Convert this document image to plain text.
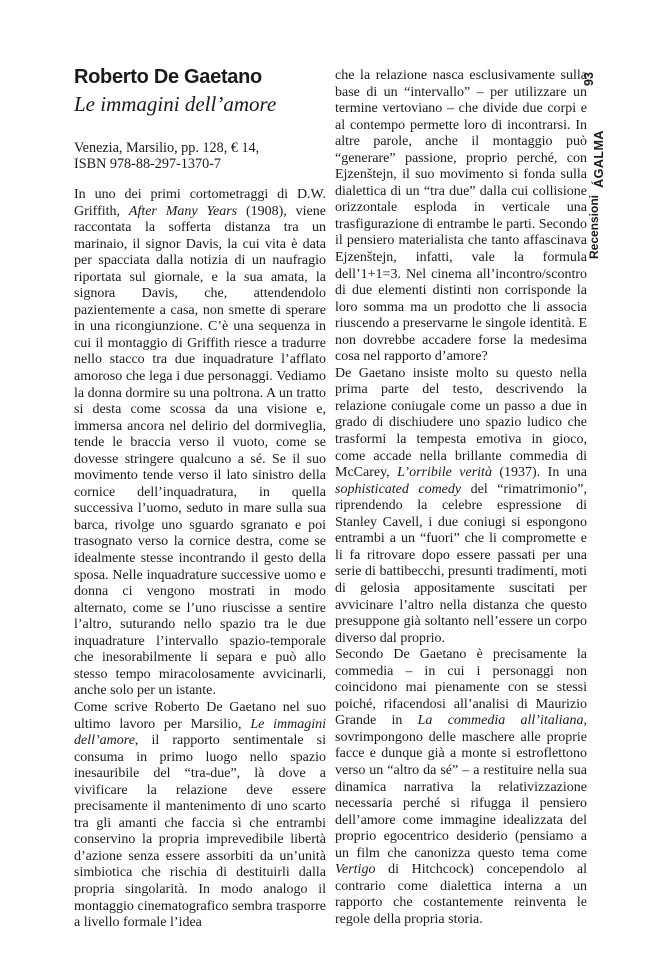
Roberto De Gaetano
Le immagini dell’amore
Venezia, Marsilio, pp. 128, € 14,
ISBN 978-88-297-1370-7

In uno dei primi cortometraggi di D.W. Griffith, After Many Years (1908), viene raccontata la sofferta distanza tra un marinaio, il signor Davis, la cui vita è data per spacciata dalla notizia di un naufragio riportata sul giornale, e la sua amata, la signora Davis, che, attendendolo pazientemente a casa, non smette di sperare in una ricongiunzione. C’è una sequenza in cui il montaggio di Griffith riesce a tradurre nello stacco tra due inquadrature l’afflato amoroso che lega i due personaggi. Vediamo la donna dormire su una poltrona. A un tratto si desta come scossa da una visione e, immersa ancora nel delirio del dormiveglia, tende le braccia verso il vuoto, come se dovesse stringere qualcuno a sé. Se il suo movimento tende verso il lato sinistro della cornice dell’inquadratura, in quella successiva l’uomo, seduto in mare sulla sua barca, rivolge uno sguardo sgranato e poi trasognato verso la cornice destra, come se idealmente stesse incontrando il gesto della sposa. Nelle inquadrature successive uomo e donna ci vengono mostrati in modo alternato, come se l’uno riuscisse a sentire l’altro, suturando nello spazio tra le due inquadrature l’intervallo spazio-temporale che inesorabilmente li separa e può allo stesso tempo miracolosamente avvicinarli, anche solo per un istante.

Come scrive Roberto De Gaetano nel suo ultimo lavoro per Marsilio, Le immagini dell’amore, il rapporto sentimentale si consuma in primo luogo nello spazio inesauribile del “tra-due”, là dove a vivificare la relazione deve essere precisamente il mantenimento di uno scarto tra gli amanti che faccia sì che entrambi conservino la propria imprevedibile libertà d’azione senza essere assorbiti da un’unità simbiotica che rischia di destituirli dalla propria singolarità. In modo analogo il montaggio cinematografico sembra trasporre a livello formale l’idea

che la relazione nasca esclusivamente sulla base di un “intervallo” – per utilizzare un termine vertoviano – che divide due corpi e al contempo permette loro di incontrarsi. In altre parole, anche il montaggio può “generare” passione, proprio perché, con Ejzenštejn, il suo movimento si fonda sulla dialettica di un “tra due” dalla cui collisione orizzontale esploda in verticale una trasfigurazione di entrambe le parti. Secondo il pensiero materialista che tanto affascinava Ejzenštejn, infatti, vale la formula dell’1+1=3. Nel cinema all’incontro/scontro di due elementi distinti non corrisponde la loro somma ma un prodotto che li associa riuscendo a preservarne le singole identità. E non dovrebbe accadere forse la medesima cosa nel rapporto d’amore?

De Gaetano insiste molto su questo nella prima parte del testo, descrivendo la relazione coniugale come un passo a due in grado di dischiudere uno spazio ludico che trasformi la tempesta emotiva in gioco, come accade nella brillante commedia di McCarey, L’orribile verità (1937). In una sophisticated comedy del “rimatrimonio”, riprendendo la celebre espressione di Stanley Cavell, i due coniugi si espongono entrambi a un “fuori” che li compromette e li fa ritrovare dopo essere passati per una serie di battibecchi, presunti tradimenti, moti di gelosia appositamente suscitati per avvicinare l’altro nella distanza che questo presuppone già soltanto nell’essere un corpo diverso dal proprio.

Secondo De Gaetano è precisamente la commedia – in cui i personaggi non coincidono mai pienamente con se stessi poiché, rifacendosi all’analisi di Maurizio Grande in La commedia all’italiana, sovrimpongono delle maschere alle proprie facce e dunque già a monte si estroflettono verso un “altro da sé” – a restituire nella sua dinamica narrativa la relativizzazione necessaria perché si rifugga il pensiero dell’amore come immagine idealizzata del proprio egocentrico desiderio (pensiamo a un film che canonizza questo tema come Vertigo di Hitchcock) concependolo al contrario come dialettica interna a un rapporto che costantemente reinventa le regole della propria storia.

93
ÁGALMA
Recensioni
